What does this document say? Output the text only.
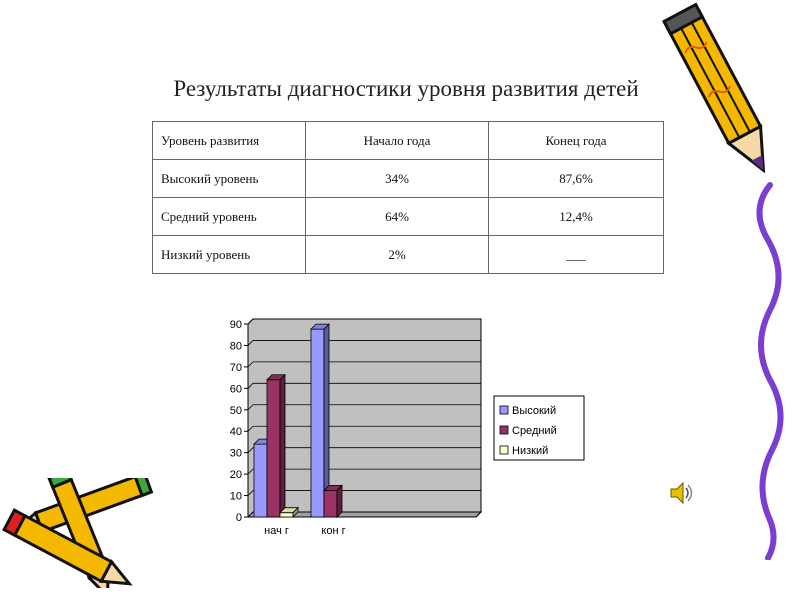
Результаты диагностики уровня развития детей
Уровень развития	Начало года	Конец года
Высокий уровень	34%	87,6%
Средний уровень	64%	12,4%
Низкий уровень	2%	___
0
10
20
30
40
50
60
70
80
90
нач г	кон г
Высокий
Средний
Низкий
